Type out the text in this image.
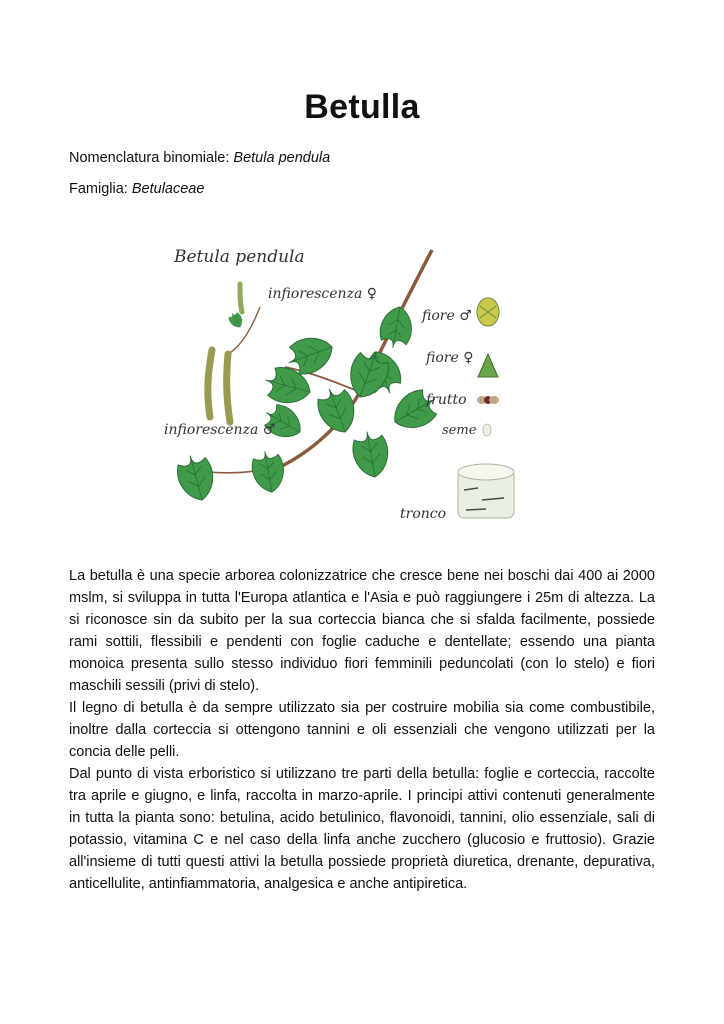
Betulla
Nomenclatura binomiale: Betula pendula
Famiglia: Betulaceae
Betula pendula
infiorescenza ♀
infiorescenza ♂
fiore ♂
fiore ♀
frutto
seme
tronco

La betulla è una specie arborea colonizzatrice che cresce bene nei boschi dai 400 ai 2000 mslm, si sviluppa in tutta l'Europa atlantica e l'Asia e può raggiungere i 25m di altezza. La si riconosce sin da subito per la sua corteccia bianca che si sfalda facilmente, possiede rami sottili, flessibili e pendenti con foglie caduche e dentellate; essendo una pianta monoica presenta sullo stesso individuo fiori femminili peduncolati (con lo stelo) e fiori maschili sessili (privi di stelo).

Il legno di betulla è da sempre utilizzato sia per costruire mobilia sia come combustibile, inoltre dalla corteccia si ottengono tannini e oli essenziali che vengono utilizzati per la concia delle pelli.

Dal punto di vista erboristico si utilizzano tre parti della betulla: foglie e corteccia, raccolte tra aprile e giugno, e linfa, raccolta in marzo-aprile. I principi attivi contenuti generalmente in tutta la pianta sono: betulina, acido betulinico, flavonoidi, tannini, olio essenziale, sali di potassio, vitamina C e nel caso della linfa anche zucchero (glucosio e fruttosio). Grazie all'insieme di tutti questi attivi la betulla possiede proprietà diuretica, drenante, depurativa, anticellulite, antinfiammatoria, analgesica e anche antipiretica.
